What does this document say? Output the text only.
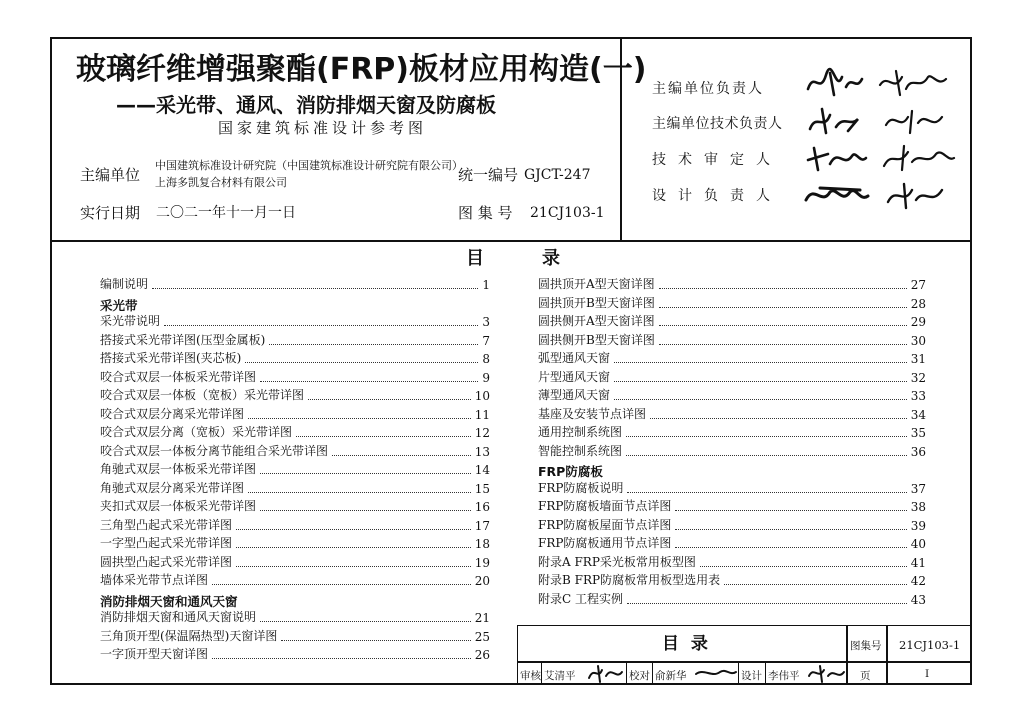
玻璃纤维增强聚酯(FRP)板材应用构造(一)
——采光带、通风、消防排烟天窗及防腐板
国家建筑标准设计参考图
主编单位
中国建筑标准设计研究院（中国建筑标准设计研究院有限公司）
上海多凯复合材料有限公司	统一编号 GJCT-247
实行日期 二〇二一年十一月一日	图 集 号 21CJ103-1
主编单位负责人
主编单位技术负责人
技术审定人
设计负责人
目	录
编制说明	1
采光带
采光带说明	3
搭接式采光带详图(压型金属板)	7
搭接式采光带详图(夹芯板)	8
咬合式双层一体板采光带详图	9
咬合式双层一体板（宽板）采光带详图	10
咬合式双层分离采光带详图	11
咬合式双层分离（宽板）采光带详图	12
咬合式双层一体板分离节能组合采光带详图	13
角驰式双层一体板采光带详图	14
角驰式双层分离采光带详图	15
夹扣式双层一体板采光带详图	16
三角型凸起式采光带详图	17
一字型凸起式采光带详图	18
圆拱型凸起式采光带详图	19
墙体采光带节点详图	20
消防排烟天窗和通风天窗
消防排烟天窗和通风天窗说明	21
三角顶开型(保温隔热型)天窗详图	25
一字顶开型天窗详图	26
圆拱顶开A型天窗详图	27
圆拱顶开B型天窗详图	28
圆拱侧开A型天窗详图	29
圆拱侧开B型天窗详图	30
弧型通风天窗	31
片型通风天窗	32
薄型通风天窗	33
基座及安装节点详图	34
通用控制系统图	35
智能控制系统图	36
FRP防腐板
FRP防腐板说明	37
FRP防腐板墙面节点详图	38
FRP防腐板屋面节点详图	39
FRP防腐板通用节点详图	40
附录A FRP采光板常用板型图	41
附录B FRP防腐板常用板型选用表	42
附录C 工程实例	43
目  录	图集号 21CJ103-1
审核 艾清平	校对 俞新华	设计 李伟平	页	I
